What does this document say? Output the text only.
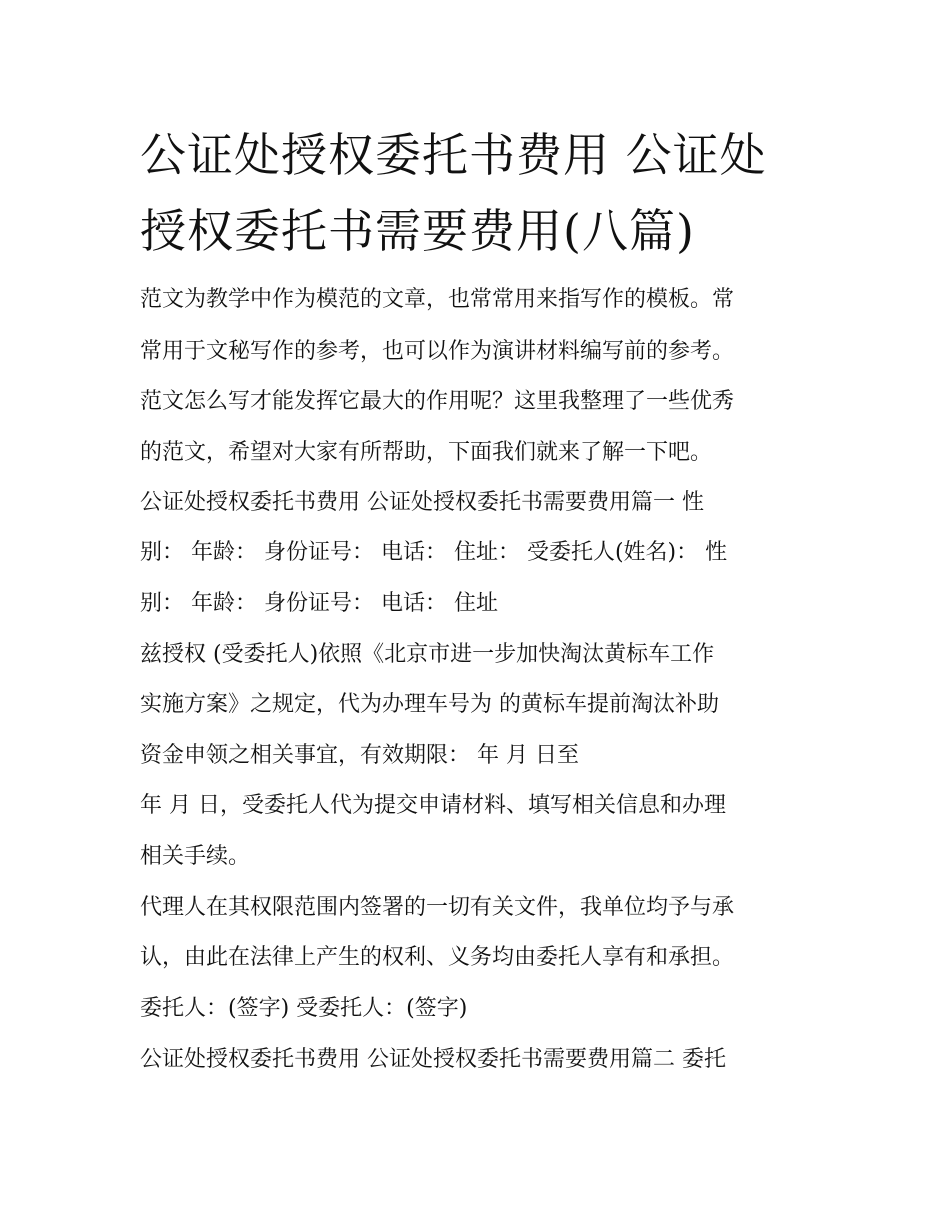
公证处授权委托书费用 公证处
授权委托书需要费用(八篇)

范文为教学中作为模范的文章，也常常用来指写作的模板。常

常用于文秘写作的参考，也可以作为演讲材料编写前的参考。

范文怎么写才能发挥它最大的作用呢？这里我整理了一些优秀

的范文，希望对大家有所帮助，下面我们就来了解一下吧。

公证处授权委托书费用 公证处授权委托书需要费用篇一 性

别： 年龄： 身份证号： 电话： 住址： 受委托人(姓名)： 性

别： 年龄： 身份证号： 电话： 住址

兹授权 (受委托人)依照《北京市进一步加快淘汰黄标车工作

实施方案》之规定，代为办理车号为 的黄标车提前淘汰补助

资金申领之相关事宜，有效期限： 年 月 日至

年 月 日，受委托人代为提交申请材料、填写相关信息和办理

相关手续。

代理人在其权限范围内签署的一切有关文件，我单位均予与承

认，由此在法律上产生的权利、义务均由委托人享有和承担。

委托人：(签字) 受委托人：(签字)

公证处授权委托书费用 公证处授权委托书需要费用篇二 委托
